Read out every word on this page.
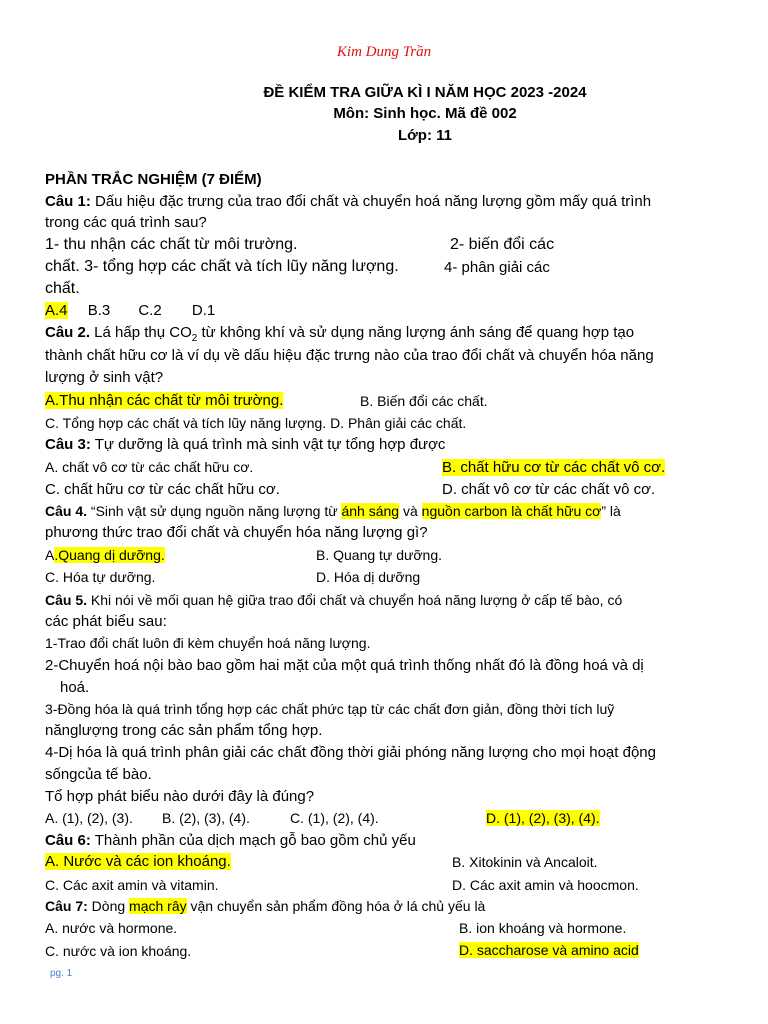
Kim Dung Trần
ĐỀ KIỂM TRA GIỮA KÌ I NĂM HỌC 2023 -2024
Môn: Sinh học. Mã đề 002
Lớp: 11
PHẦN TRẮC NGHIỆM (7 ĐIỂM)
Câu 1: Dấu hiệu đặc trưng của trao đổi chất và chuyển hoá năng lượng gồm mấy quá trình
trong các quá trình sau?
1- thu nhận các chất từ môi trường.	2- biến đổi các
chất. 3- tổng hợp các chất và tích lũy năng lượng.	4- phân giải các
chất.
A.4 B.3 C.2 D.1
Câu 2. Lá hấp thụ $CO_2$ từ không khí và sử dụng năng lượng ánh sáng để quang hợp tạo
thành chất hữu cơ là ví dụ về dấu hiệu đặc trưng nào của trao đổi chất và chuyển hóa năng
lượng ở sinh vật?
A.Thu nhận các chất từ môi trường.	B. Biến đổi các chất.
C. Tổng hợp các chất và tích lũy năng lượng. D. Phân giải các chất.
Câu 3: Tự dưỡng là quá trình mà sinh vật tự tổng hợp được
A. chất vô cơ từ các chất hữu cơ.	B. chất hữu cơ từ các chất vô cơ.
C. chất hữu cơ từ các chất hữu cơ.	D. chất vô cơ từ các chất vô cơ.
Câu 4. “Sinh vật sử dụng nguồn năng lượng từ ánh sáng và nguồn carbon là chất hữu cơ” là
phương thức trao đổi chất và chuyển hóa năng lượng gì?
A.Quang dị dưỡng.	B. Quang tự dưỡng.
C. Hóa tự dưỡng.	D. Hóa dị dưỡng
Câu 5. Khi nói về mối quan hệ giữa trao đổi chất và chuyển hoá năng lượng ở cấp tế bào, có
các phát biểu sau:
1-Trao đổi chất luôn đi kèm chuyển hoá năng lượng.
2-Chuyển hoá nội bào bao gồm hai mặt của một quá trình thống nhất đó là đồng hoá và dị
hoá.
3-Đồng hóa là quá trình tổng hợp các chất phức tạp từ các chất đơn giản, đồng thời tích luỹ
nănglượng trong các sản phẩm tổng hợp.
4-Dị hóa là quá trình phân giải các chất đồng thời giải phóng năng lượng cho mọi hoạt động
sốngcủa tế bào.
Tổ hợp phát biểu nào dưới đây là đúng?
A. (1), (2), (3). B. (2), (3), (4).	C. (1), (2), (4).	D. (1), (2), (3), (4).
Câu 6: Thành phần của dịch mạch gỗ bao gồm chủ yếu
A. Nước và các ion khoáng.	B. Xitokinin và Ancaloit.
C. Các axit amin và vitamin.	D. Các axit amin và hoocmon.
Câu 7: Dòng mạch rây vận chuyển sản phẩm đồng hóa ở lá chủ yếu là
A. nước và hormone.	B. ion khoáng và hormone.
C. nước và ion khoáng.	D. saccharose và amino acid
pg. 1
